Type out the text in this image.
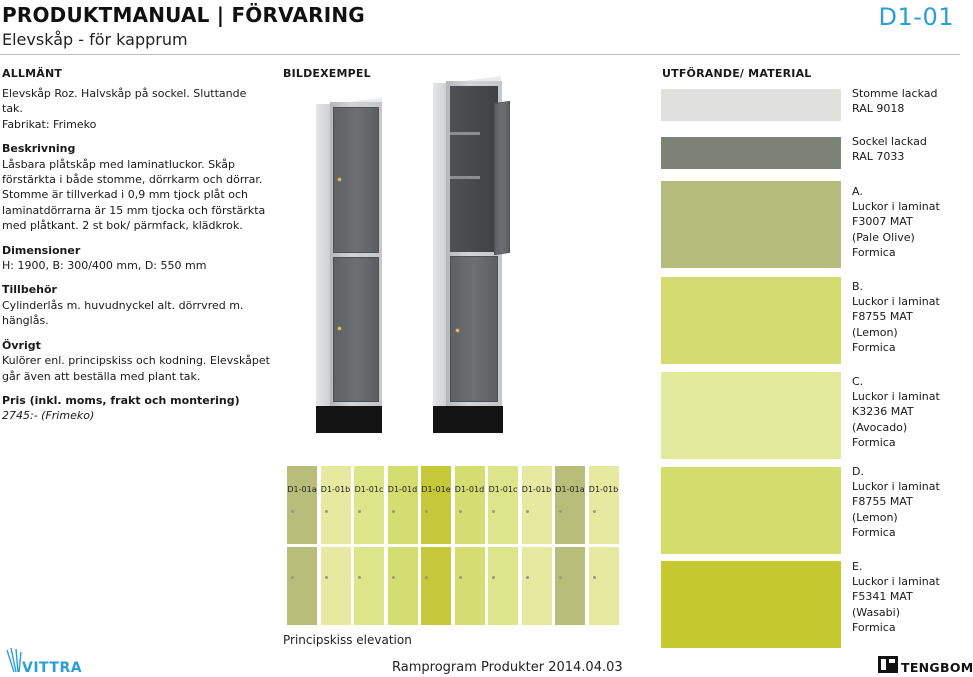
PRODUKTMANUAL | FÖRVARING
Elevskåp - för kapprum
D1-01
ALLMÄNT	BILDEXEMPEL	UTFÖRANDE/ MATERIAL
Elevskåp Roz. Halvskåp på sockel. Sluttande tak.
Fabrikat: Frimeko
Beskrivning
Låsbara plåtskåp med laminatluckor. Skåp förstärkta i både stomme, dörrkarm och dörrar. Stomme är tillverkad i 0,9 mm tjock plåt och laminatdörrarna är 15 mm tjocka och förstärkta med plåtkant. 2 st bok/ pärmfack, klädkrok.
Dimensioner
H: 1900, B: 300/400 mm, D: 550 mm
Tillbehör
Cylinderlås m. huvudnyckel alt. dörrvred m. hänglås.
Övrigt
Kulörer enl. principskiss och kodning. Elevskåpet går även att beställa med plant tak.
Pris (inkl. moms, frakt och montering)
2745:- (Frimeko)
D1-01a D1-01b D1-01c D1-01d D1-01e D1-01d D1-01c D1-01b D1-01a D1-01b
Principskiss elevation
Stomme lackad
RAL 9018
Sockel lackad
RAL 7033
A.
Luckor i laminat
F3007 MAT
(Pale Olive)
Formica
B.
Luckor i laminat
F8755 MAT
(Lemon)
Formica
C.
Luckor i laminat
K3236 MAT
(Avocado)
Formica
D.
Luckor i laminat
F8755 MAT
(Lemon)
Formica
E.
Luckor i laminat
F5341 MAT
(Wasabi)
Formica
VITTRA	Ramprogram Produkter 2014.04.03	TENGBOM
